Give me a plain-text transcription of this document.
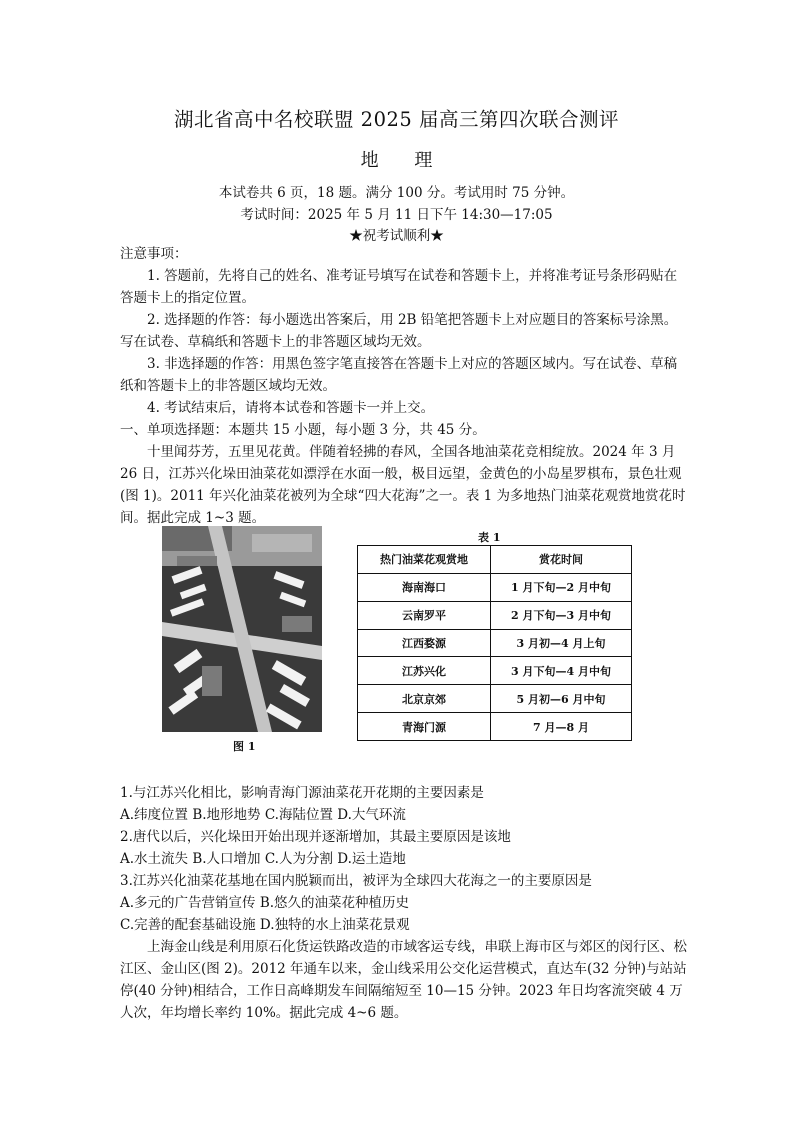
湖北省高中名校联盟 2025 届高三第四次联合测评
地 理
本试卷共 6 页，18 题。满分 100 分。考试用时 75 分钟。
考试时间：2025 年 5 月 11 日下午 14:30—17:05
★祝考试顺利★

注意事项：

1. 答题前，先将自己的姓名、准考证号填写在试卷和答题卡上，并将准考证号条形码贴在答题卡上的指定位置。

2. 选择题的作答：每小题选出答案后，用 2B 铅笔把答题卡上对应题目的答案标号涂黑。写在试卷、草稿纸和答题卡上的非答题区域均无效。

3. 非选择题的作答：用黑色签字笔直接答在答题卡上对应的答题区域内。写在试卷、草稿纸和答题卡上的非答题区域均无效。

4. 考试结束后，请将本试卷和答题卡一并上交。

一、单项选择题：本题共 15 小题，每小题 3 分，共 45 分。

十里闻芬芳，五里见花黄。伴随着轻拂的春风，全国各地油菜花竞相绽放。2024 年 3 月 26 日，江苏兴化垛田油菜花如漂浮在水面一般，极目远望，金黄色的小岛星罗棋布，景色壮观(图 1)。2011 年兴化油菜花被列为全球“四大花海”之一。表 1 为多地热门油菜花观赏地赏花时间。据此完成 1~3 题。

图 1
表 1
热门油菜花观赏地	赏花时间
海南海口	1 月下旬—2 月中旬
云南罗平	2 月下旬—3 月中旬
江西婺源	3 月初—4 月上旬
江苏兴化	3 月下旬—4 月中旬
北京京郊	5 月初—6 月中旬
青海门源	7 月—8 月

1.与江苏兴化相比，影响青海门源油菜花开花期的主要因素是

A.纬度位置 B.地形地势 C.海陆位置 D.大气环流

2.唐代以后，兴化垛田开始出现并逐渐增加，其最主要原因是该地

A.水土流失 B.人口增加 C.人为分割 D.运土造地

3.江苏兴化油菜花基地在国内脱颖而出，被评为全球四大花海之一的主要原因是

A.多元的广告营销宣传 B.悠久的油菜花种植历史

C.完善的配套基础设施 D.独特的水上油菜花景观

上海金山线是利用原石化货运铁路改造的市域客运专线，串联上海市区与郊区的闵行区、松江区、金山区(图 2)。2012 年通车以来，金山线采用公交化运营模式，直达车(32 分钟)与站站停(40 分钟)相结合，工作日高峰期发车间隔缩短至 10—15 分钟。2023 年日均客流突破 4 万人次，年均增长率约 10%。据此完成 4~6 题。
